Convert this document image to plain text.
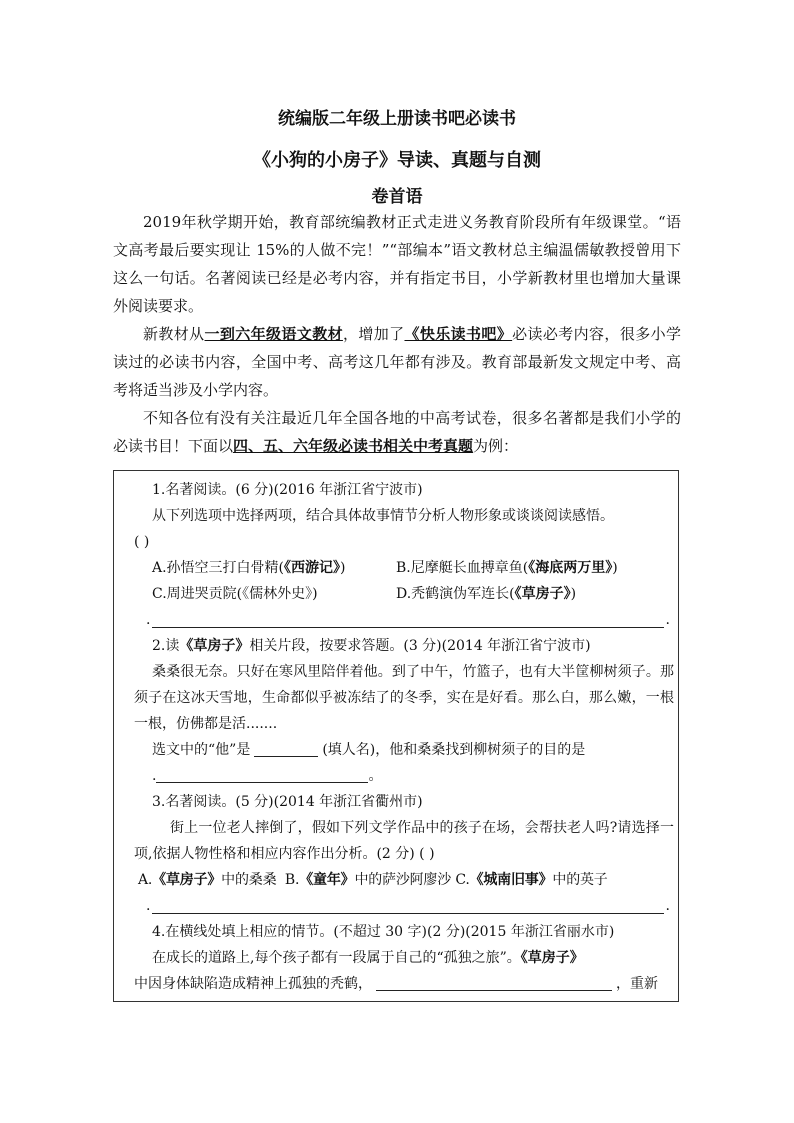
统编版二年级上册读书吧必读书
《小狗的小房子》导读、真题与自测
卷首语

2019年秋学期开始，教育部统编教材正式走进义务教育阶段所有年级课堂。“语文高考最后要实现让 15%的人做不完！”“部编本”语文教材总主编温儒敏教授曾用下这么一句话。名著阅读已经是必考内容，并有指定书目，小学新教材里也增加大量课外阅读要求。

新教材从一到六年级语文教材，增加了《快乐读书吧》必读必考内容，很多小学读过的必读书内容，全国中考、高考这几年都有涉及。教育部最新发文规定中考、高考将适当涉及小学内容。

不知各位有没有关注最近几年全国各地的中高考试卷，很多名著都是我们小学的必读书目！下面以四、五、六年级必读书相关中考真题为例：

1.名著阅读。(6 分)(2016 年浙江省宁波市)
从下列选项中选择两项，结合具体故事情节分析人物形象或谈谈阅读感悟。
( )
A.孙悟空三打白骨精(《西游记》)	B.尼摩艇长血搏章鱼(《海底两万里》)
C.周进哭贡院(《儒林外史》)	D.秃鹤演伪军连长(《草房子》)
.	.
2.读《草房子》相关片段，按要求答题。(3 分)(2014 年浙江省宁波市)
桑桑很无奈。只好在寒风里陪伴着他。到了中午，竹篮子，也有大半筐柳树须子。那须子在这冰天雪地，生命都似乎被冻结了的冬季，实在是好看。那么白，那么嫩，一根一根，仿佛都是活.......
选文中的“他”是	(填人名)，他和桑桑找到柳树须子的目的是
.	。
3.名著阅读。(5 分)(2014 年浙江省衢州市)
街上一位老人摔倒了，假如下列文学作品中的孩子在场，会帮扶老人吗?请选择一项,依据人物性格和相应内容作出分析。(2 分) ( )
A.《草房子》中的桑桑 B.《童年》中的萨沙阿廖沙 C.《城南旧事》中的英子
.	.
4.在横线处填上相应的情节。(不超过 30 字)(2 分)(2015 年浙江省丽水市)
在成长的道路上,每个孩子都有一段属于自己的“孤独之旅”。《草房子》
中因身体缺陷造成精神上孤独的秃鹤，	，重新
